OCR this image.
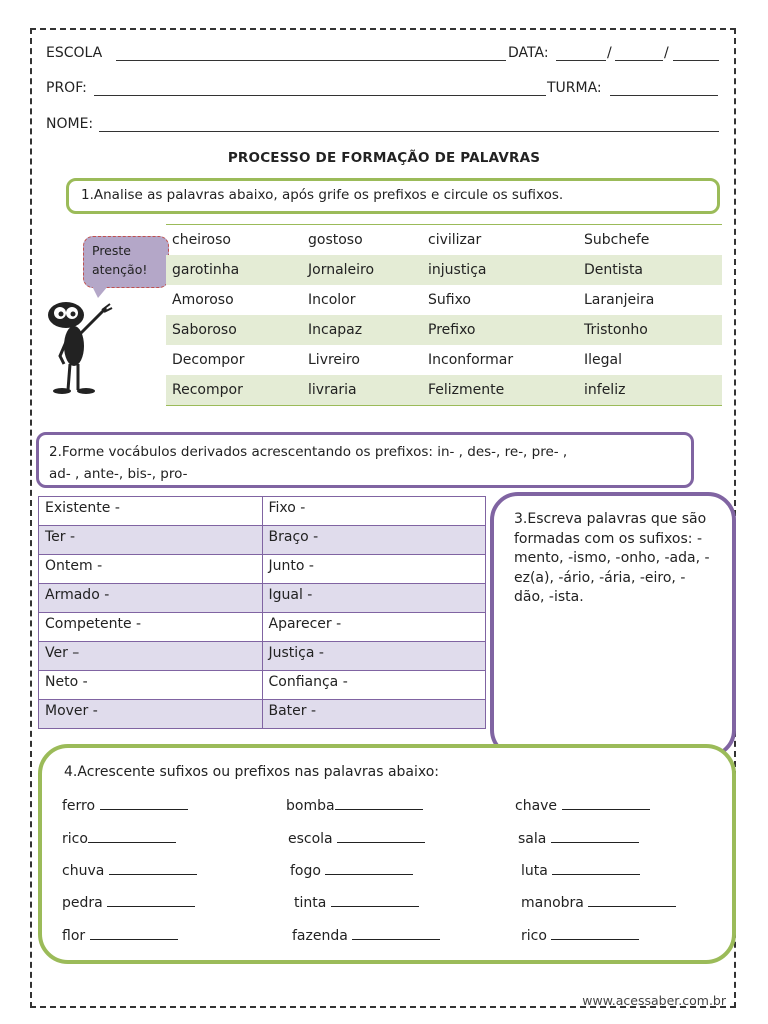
ESCOLA	DATA:	/	/
PROF:	TURMA:
NOME:
PROCESSO DE FORMAÇÃO DE PALAVRAS
1.Analise as palavras abaixo, após grife os prefixos e circule os sufixos.
Preste
atenção!
cheiroso	gostoso	civilizar	Subchefe
garotinha	Jornaleiro	injustiça	Dentista
Amoroso	Incolor	Sufixo	Laranjeira
Saboroso	Incapaz	Prefixo	Tristonho
Decompor	Livreiro	Inconformar	Ilegal
Recompor	livraria	Felizmente	infeliz
2.Forme vocábulos derivados acrescentando os prefixos: in- , des-, re-, pre- ,
ad- , ante-, bis-, pro-
Existente -	Fixo -
Ter -	Braço -
Ontem -	Junto -
Armado -	Igual -
Competente -	Aparecer -
Ver –	Justiça -
Neto -	Confiança -
Mover -	Bater -
3.Escreva palavras que são formadas com os sufixos: -mento, -ismo, -onho, -ada, -ez(a), -ário, -ária, -eiro, -dão, -ista.
4.Acrescente sufixos ou prefixos nas palavras abaixo:
ferro
rico
chuva
pedra
flor
bomba
escola
fogo
tinta
fazenda
chave
sala
luta
manobra
rico
www.acessaber.com.br
